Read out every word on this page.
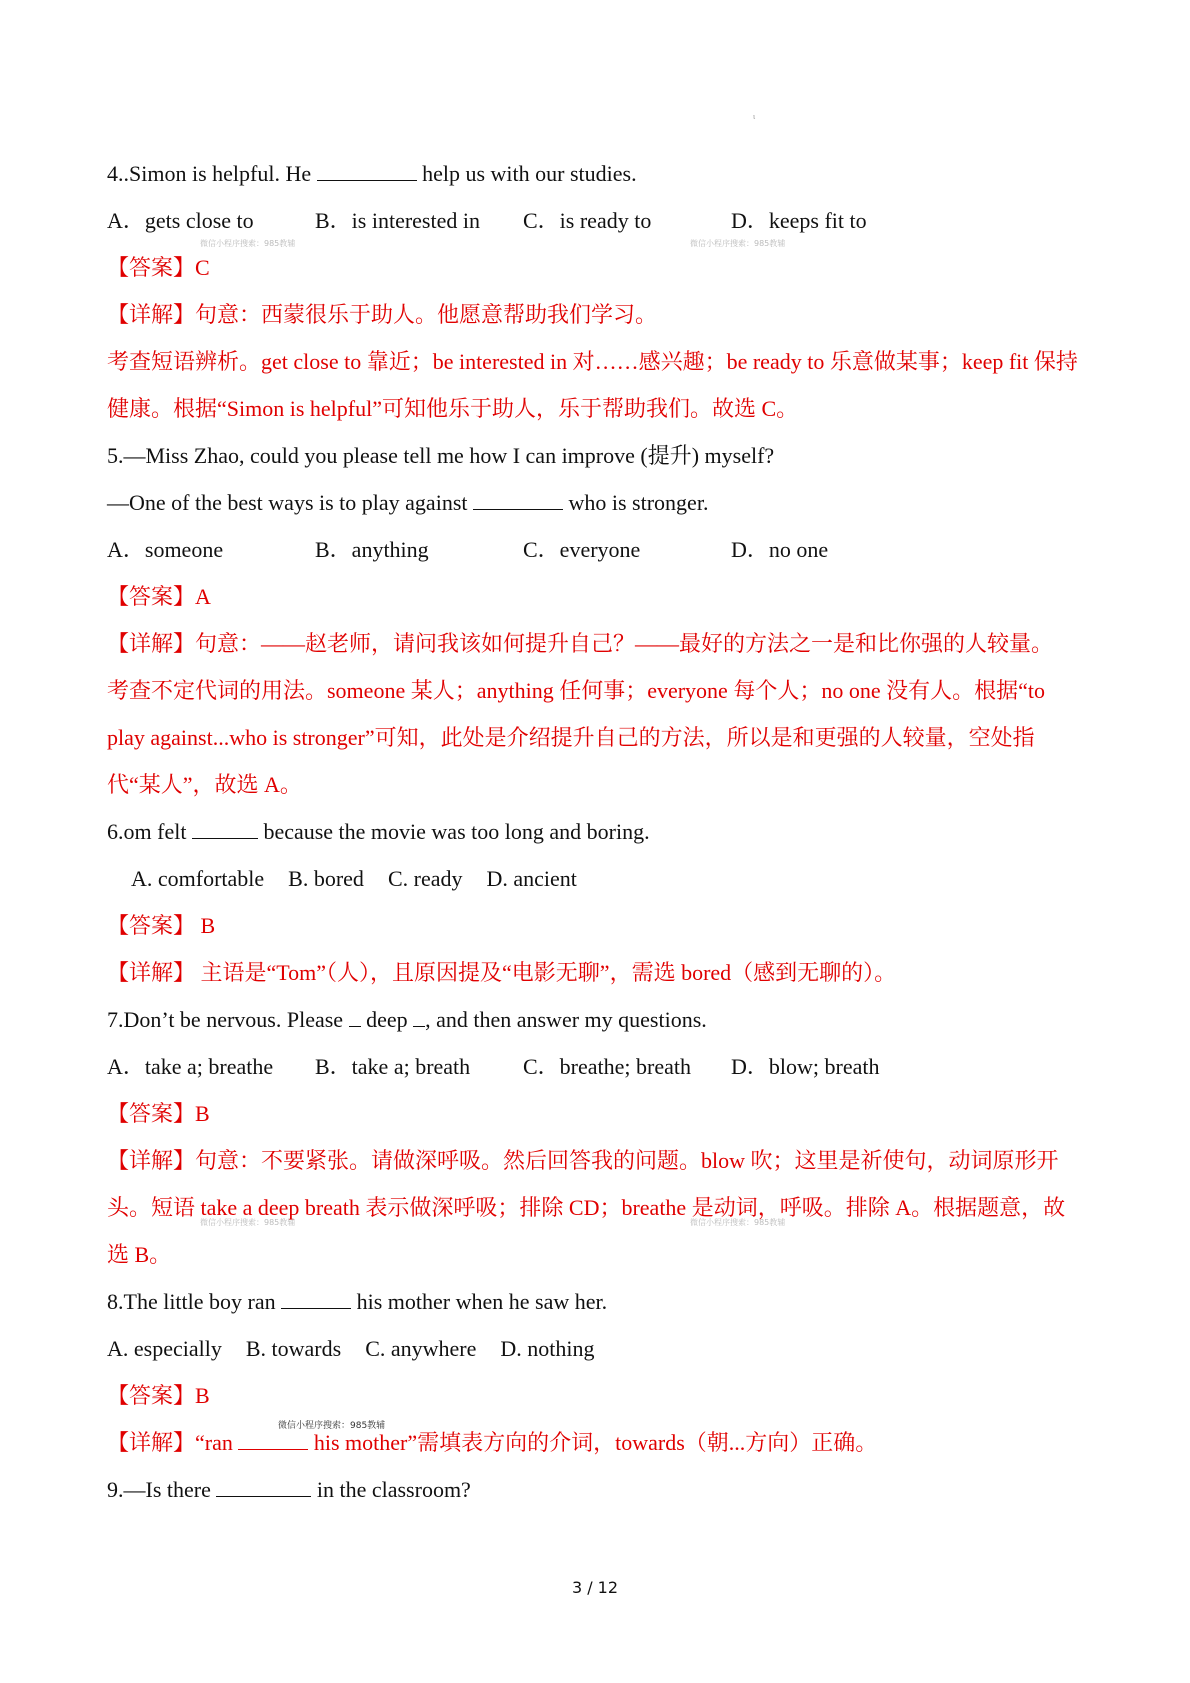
ι
4..Simon is helpful. He	help us with our studies.
A．gets close to	B．is interested in	C．is ready to	D．keeps fit to
【答案】C
【详解】句意：西蒙很乐于助人。他愿意帮助我们学习。
考查短语辨析。get close to 靠近；be interested in 对……感兴趣；be ready to 乐意做某事；keep fit 保持健康。根据“Simon is helpful”可知他乐于助人，乐于帮助我们。故选 C。
5.—Miss Zhao, could you please tell me how I can improve (提升) myself?
—One of the best ways is to play against	who is stronger.
A．someone	B．anything	C．everyone	D．no one
【答案】A
【详解】句意：——赵老师，请问我该如何提升自己？——最好的方法之一是和比你强的人较量。
考查不定代词的用法。someone 某人；anything 任何事；everyone 每个人；no one 没有人。根据“to play against...who is stronger”可知，此处是介绍提升自己的方法，所以是和更强的人较量，空处指代“某人”，故选 A。
6.om felt	because the movie was too long and boring.
A. comfortable B. bored C. ready D. ancient
【答案】 B
【详解】 主语是“Tom”（人），且原因提及“电影无聊”，需选 bored（感到无聊的）。
7.Don’t be nervous. Please  deep , and then answer my questions.
A．take a; breathe	B．take a; breath	C．breathe; breath	D．blow; breath
【答案】B
【详解】句意：不要紧张。请做深呼吸。然后回答我的问题。blow 吹；这里是祈使句，动词原形开头。短语 take a deep breath 表示做深呼吸；排除 CD；breathe 是动词，呼吸。排除 A。根据题意，故选 B。
8.The little boy ran	his mother when he saw her.
A. especially B. towards C. anywhere D. nothing
【答案】B
【详解】“ran	his mother”需填表方向的介词，towards（朝...方向）正确。
9.—Is there	in the classroom?
微信小程序搜索：985教辅	微信小程序搜索：985教辅
微信小程序搜索：985教辅	微信小程序搜索：985教辅
微信小程序搜索：985教辅
3 / 12
